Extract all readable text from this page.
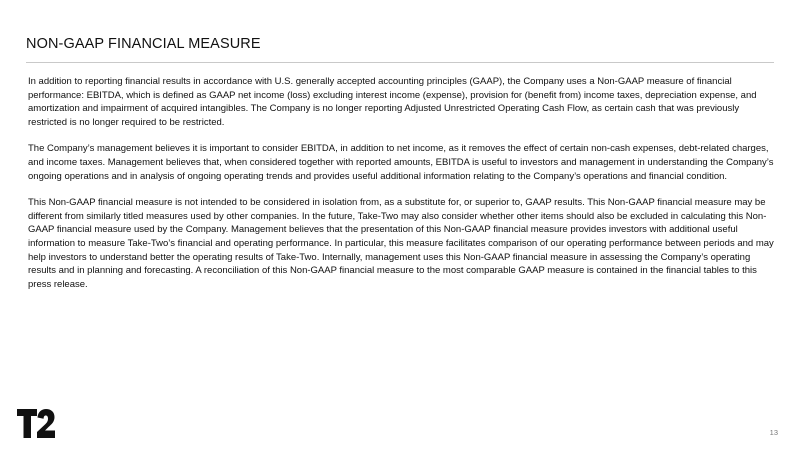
NON-GAAP FINANCIAL MEASURE

In addition to reporting financial results in accordance with U.S. generally accepted accounting principles (GAAP), the Company uses a Non-GAAP measure of financial performance: EBITDA, which is defined as GAAP net income (loss) excluding interest income (expense), provision for (benefit from) income taxes, depreciation expense, and amortization and impairment of acquired intangibles. The Company is no longer reporting Adjusted Unrestricted Operating Cash Flow, as certain cash that was previously restricted is no longer required to be restricted.

The Company’s management believes it is important to consider EBITDA, in addition to net income, as it removes the effect of certain non-cash expenses, debt-related charges, and income taxes. Management believes that, when considered together with reported amounts, EBITDA is useful to investors and management in understanding the Company’s ongoing operations and in analysis of ongoing operating trends and provides useful additional information relating to the Company’s operations and financial condition.

This Non-GAAP financial measure is not intended to be considered in isolation from, as a substitute for, or superior to, GAAP results. This Non-GAAP financial measure may be different from similarly titled measures used by other companies. In the future, Take-Two may also consider whether other items should also be excluded in calculating this Non-GAAP financial measure used by the Company. Management believes that the presentation of this Non-GAAP financial measure provides investors with additional useful information to measure Take-Two’s financial and operating performance. In particular, this measure facilitates comparison of our operating performance between periods and may help investors to understand better the operating results of Take-Two. Internally, management uses this Non-GAAP financial measure in assessing the Company’s operating results and in planning and forecasting. A reconciliation of this Non-GAAP financial measure to the most comparable GAAP measure is contained in the financial tables to this press release.

13
